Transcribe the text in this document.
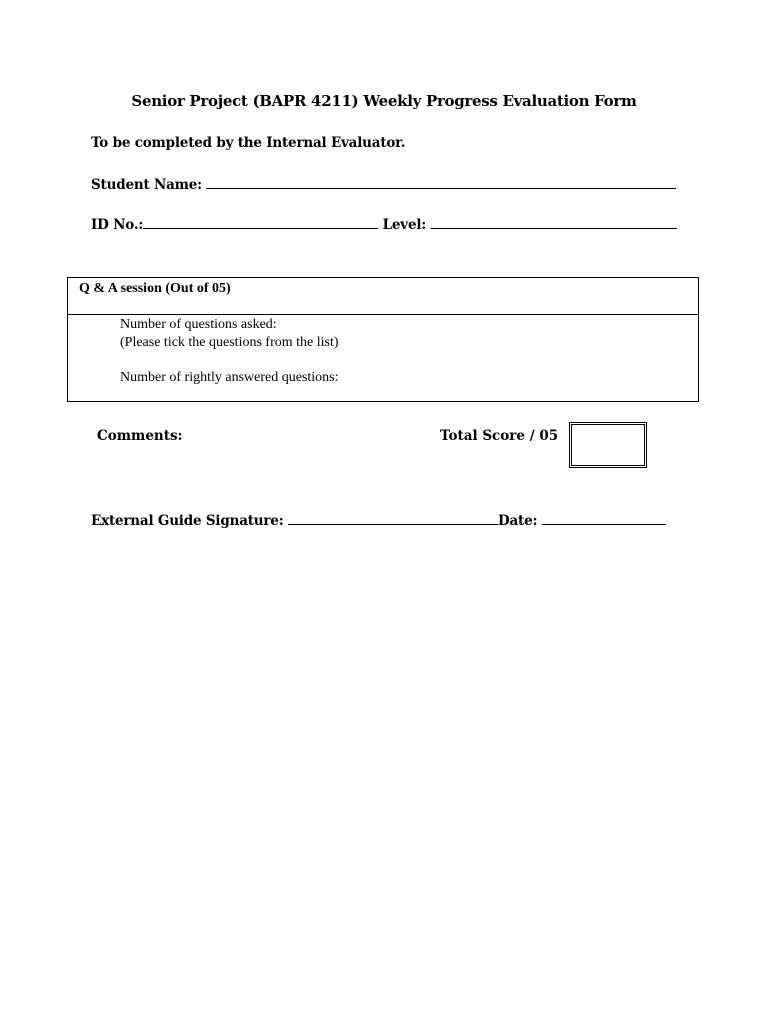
Senior Project (BAPR 4211) Weekly Progress Evaluation Form
To be completed by the Internal Evaluator.
Student Name:
ID No.:	Level:
Q & A session (Out of 05)
Number of questions asked:
(Please tick the questions from the list)
Number of rightly answered questions:
Comments:	Total Score / 05
External Guide Signature:	Date:
